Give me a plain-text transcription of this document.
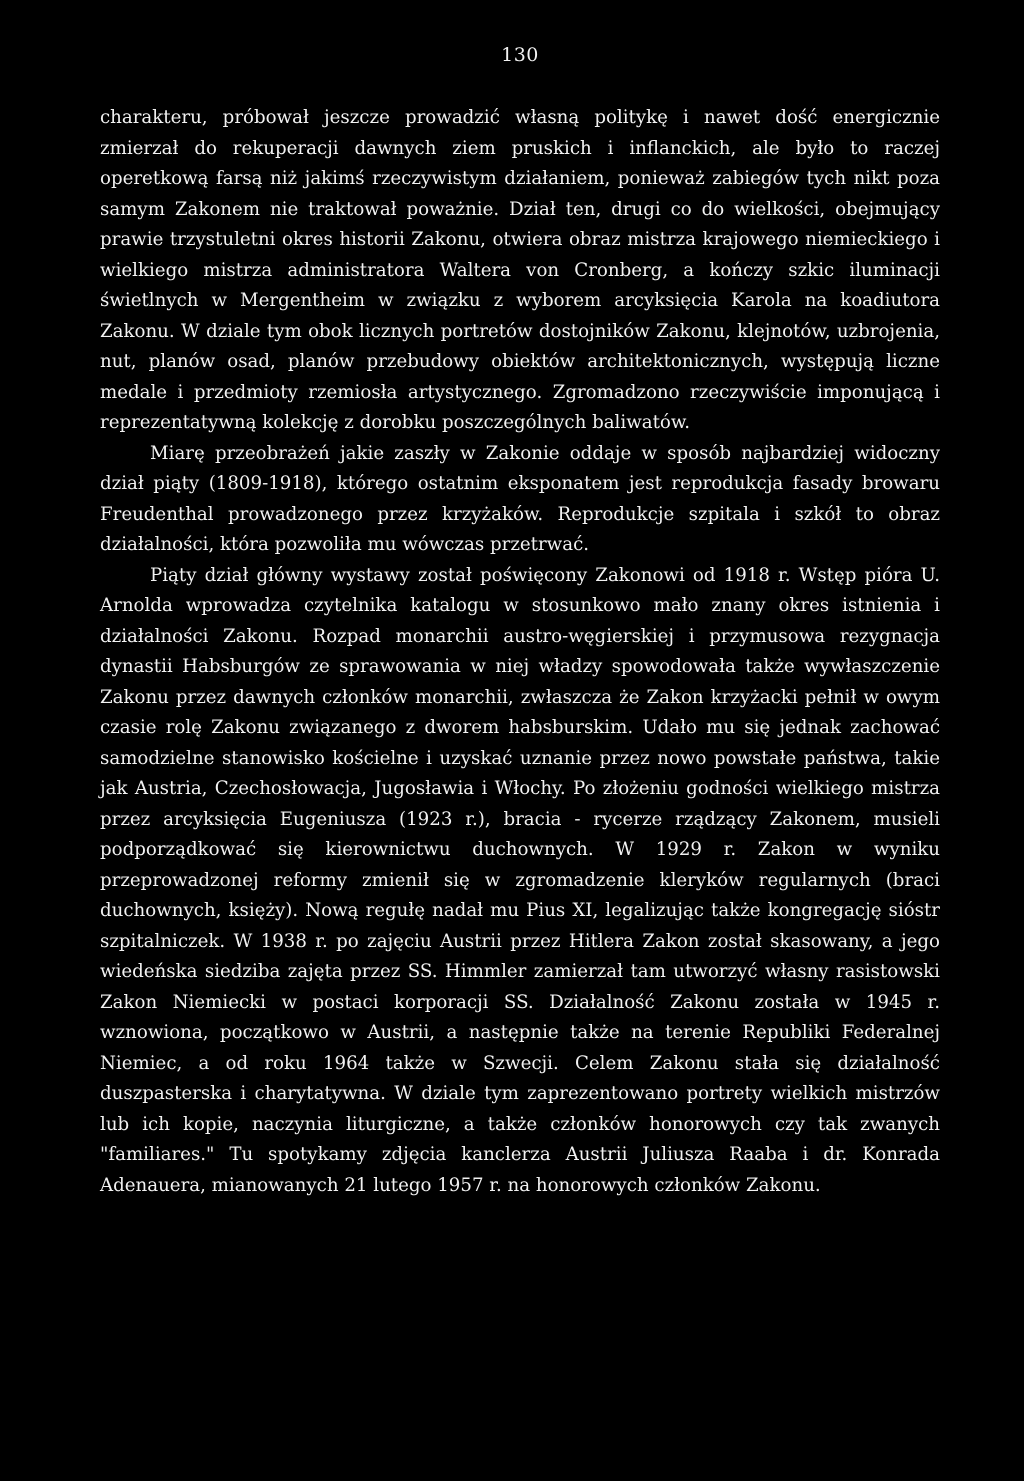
130

charakteru, próbował jeszcze prowadzić własną politykę i nawet dość energicznie zmierzał do rekuperacji dawnych ziem pruskich i inflanckich, ale było to raczej operetkową farsą niż jakimś rzeczywistym działaniem, ponieważ zabiegów tych nikt poza samym Zakonem nie traktował poważnie. Dział ten, drugi co do wielkości, obejmujący prawie trzystuletni okres historii Zakonu, otwiera obraz mistrza krajowego niemieckiego i wielkiego mistrza administratora Waltera von Cronberg, a kończy szkic iluminacji świetlnych w Mergentheim w związku z wyborem arcyksięcia Karola na koadiutora Zakonu. W dziale tym obok licznych portretów dostojników Zakonu, klejnotów, uzbrojenia, nut, planów osad, planów przebudowy obiektów architektonicznych, występują liczne medale i przedmioty rzemiosła artystycznego. Zgromadzono rzeczywiście imponującą i reprezentatywną kolekcję z dorobku poszczególnych baliwatów.

Miarę przeobrażeń jakie zaszły w Zakonie oddaje w sposób najbardziej widoczny dział piąty (1809-1918), którego ostatnim eksponatem jest reprodukcja fasady browaru Freudenthal prowadzonego przez krzyżaków. Reprodukcje szpitala i szkół to obraz działalności, która pozwoliła mu wówczas przetrwać.

Piąty dział główny wystawy został poświęcony Zakonowi od 1918 r. Wstęp pióra U. Arnolda wprowadza czytelnika katalogu w stosunkowo mało znany okres istnienia i działalności Zakonu. Rozpad monarchii austro-węgierskiej i przymusowa rezygnacja dynastii Habsburgów ze sprawowania w niej władzy spowodowała także wywłaszczenie Zakonu przez dawnych członków monarchii, zwłaszcza że Zakon krzyżacki pełnił w owym czasie rolę Zakonu związanego z dworem habsburskim. Udało mu się jednak zachować samodzielne stanowisko kościelne i uzyskać uznanie przez nowo powstałe państwa, takie jak Austria, Czechosłowacja, Jugosławia i Włochy. Po złożeniu godności wielkiego mistrza przez arcyksięcia Eugeniusza (1923 r.), bracia - rycerze rządzący Zakonem, musieli podporządkować się kierownictwu duchownych. W 1929 r. Zakon w wyniku przeprowadzonej reformy zmienił się w zgromadzenie kleryków regularnych (braci duchownych, księży). Nową regułę nadał mu Pius XI, legalizując także kongregację sióstr szpitalniczek. W 1938 r. po zajęciu Austrii przez Hitlera Zakon został skasowany, a jego wiedeńska siedziba zajęta przez SS. Himmler zamierzał tam utworzyć własny rasistowski Zakon Niemiecki w postaci korporacji SS. Działalność Zakonu została w 1945 r. wznowiona, początkowo w Austrii, a następnie także na terenie Republiki Federalnej Niemiec, a od roku 1964 także w Szwecji. Celem Zakonu stała się działalność duszpasterska i charytatywna. W dziale tym zaprezentowano portrety wielkich mistrzów lub ich kopie, naczynia liturgiczne, a także członków honorowych czy tak zwanych "familiares." Tu spotykamy zdjęcia kanclerza Austrii Juliusza Raaba i dr. Konrada Adenauera, mianowanych 21 lutego 1957 r. na honorowych członków Zakonu.
